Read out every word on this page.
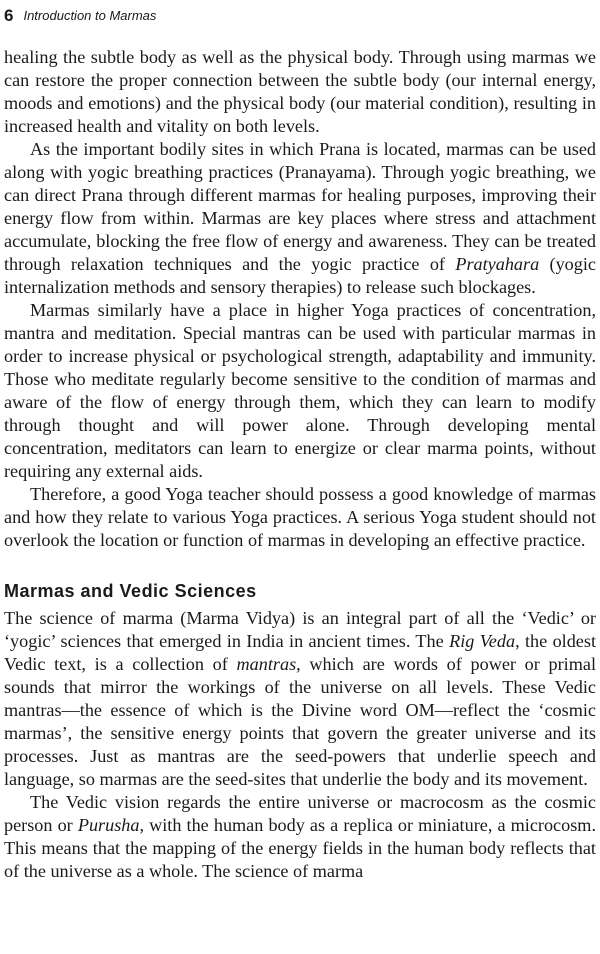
6 Introduction to Marmas

healing the subtle body as well as the physical body. Through using marmas we can restore the proper connection between the subtle body (our internal energy, moods and emotions) and the physical body (our material condition), resulting in increased health and vitality on both levels.

As the important bodily sites in which Prana is located, marmas can be used along with yogic breathing practices (Pranayama). Through yogic breathing, we can direct Prana through different marmas for healing purposes, improving their energy flow from within. Marmas are key places where stress and attachment accumulate, blocking the free flow of energy and awareness. They can be treated through relaxation techniques and the yogic practice of Pratyahara (yogic internalization methods and sensory therapies) to release such blockages.

Marmas similarly have a place in higher Yoga practices of concentration, mantra and meditation. Special mantras can be used with particular marmas in order to increase physical or psychological strength, adaptability and immunity. Those who meditate regularly become sensitive to the condition of marmas and aware of the flow of energy through them, which they can learn to modify through thought and will power alone. Through developing mental concentration, meditators can learn to energize or clear marma points, without requiring any external aids.

Therefore, a good Yoga teacher should possess a good knowledge of marmas and how they relate to various Yoga practices. A serious Yoga student should not overlook the location or function of marmas in developing an effective practice.

Marmas and Vedic Sciences

The science of marma (Marma Vidya) is an integral part of all the ‘Vedic’ or ‘yogic’ sciences that emerged in India in ancient times. The Rig Veda, the oldest Vedic text, is a collection of mantras, which are words of power or primal sounds that mirror the workings of the universe on all levels. These Vedic mantras—the essence of which is the Divine word OM—reflect the ‘cosmic marmas’, the sensitive energy points that govern the greater universe and its processes. Just as mantras are the seed-powers that underlie speech and language, so marmas are the seed-sites that underlie the body and its movement.

The Vedic vision regards the entire universe or macrocosm as the cosmic person or Purusha, with the human body as a replica or miniature, a microcosm. This means that the mapping of the energy fields in the human body reflects that of the universe as a whole. The science of marma
